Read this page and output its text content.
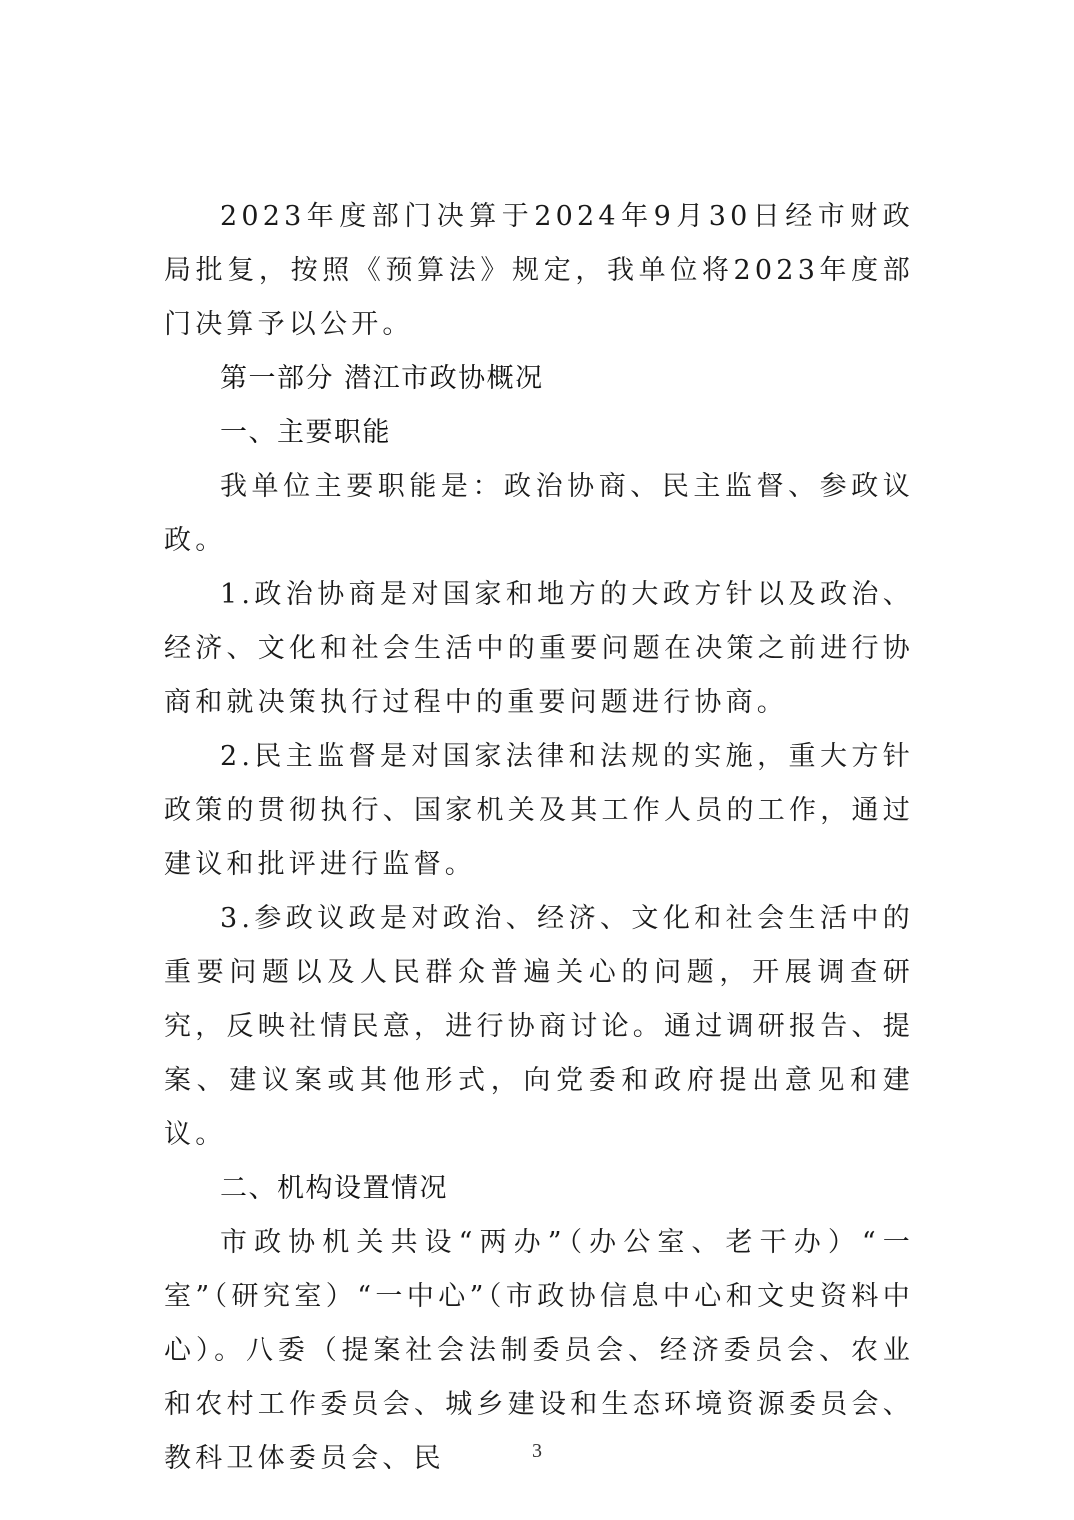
2023年度部门决算于2024年9月30日经市财政局批复，按照《预算法》规定，我单位将2023年度部门决算予以公开。

第一部分 潜江市政协概况

一、主要职能

我单位主要职能是：政治协商、民主监督、参政议政。

1.政治协商是对国家和地方的大政方针以及政治、经济、文化和社会生活中的重要问题在决策之前进行协商和就决策执行过程中的重要问题进行协商。

2.民主监督是对国家法律和法规的实施，重大方针政策的贯彻执行、国家机关及其工作人员的工作，通过建议和批评进行监督。

3.参政议政是对政治、经济、文化和社会生活中的重要问题以及人民群众普遍关心的问题，开展调查研究，反映社情民意，进行协商讨论。通过调研报告、提案、建议案或其他形式，向党委和政府提出意见和建议。

二、机构设置情况

市政协机关共设“两办”（办公室、老干办）“一室”（研究室）“一中心”（市政协信息中心和文史资料中心）。八委（提案社会法制委员会、经济委员会、农业和农村工作委员会、城乡建设和生态环境资源委员会、教科卫体委员会、民	3
